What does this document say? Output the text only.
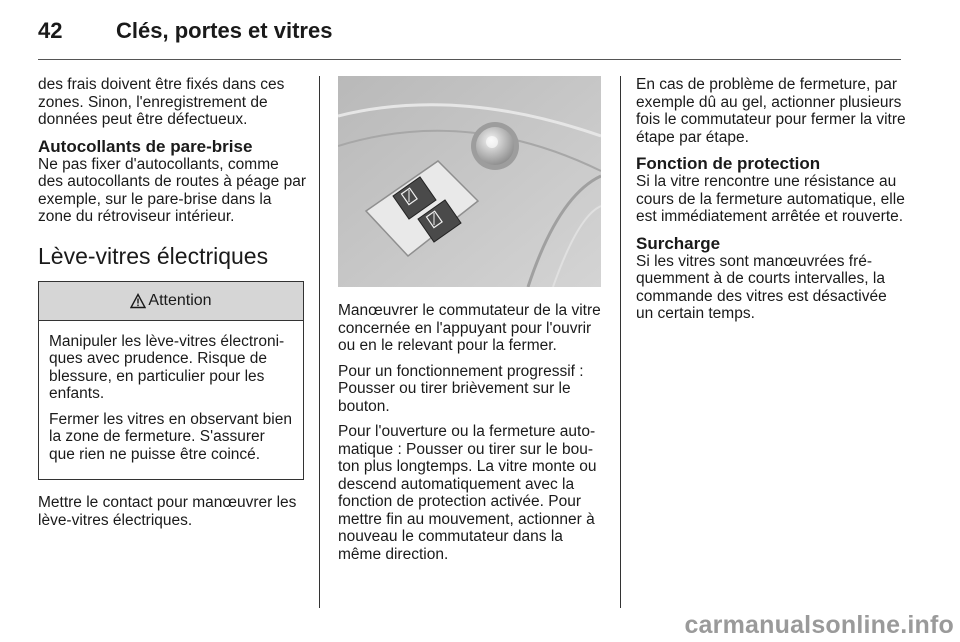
42 Clés, portes et vitres

des frais doivent être fixés dans ces zones. Sinon, l'enregistrement de données peut être défectueux.

Autocollants de pare-brise

Ne pas fixer d'autocollants, comme des autocollants de routes à péage par exemple, sur le pare-brise dans la zone du rétroviseur intérieur.

Lève-vitres électriques
Attention

Manipuler les lève-vitres électroniques avec prudence. Risque de blessure, en particulier pour les enfants.

Fermer les vitres en observant bien la zone de fermeture. S'assurer que rien ne puisse être coincé.

Mettre le contact pour manœuvrer les lève-vitres électriques.

Manœuvrer le commutateur de la vitre concernée en l'appuyant pour l'ouvrir ou en le relevant pour la fermer.

Pour un fonctionnement progressif : Pousser ou tirer brièvement sur le bouton.

Pour l'ouverture ou la fermeture automatique : Pousser ou tirer sur le bouton plus longtemps. La vitre monte ou descend automatiquement avec la fonction de protection activée. Pour mettre fin au mouvement, actionner à nouveau le commutateur dans la même direction.

En cas de problème de fermeture, par exemple dû au gel, actionner plusieurs fois le commutateur pour fermer la vitre étape par étape.

Fonction de protection

Si la vitre rencontre une résistance au cours de la fermeture automatique, elle est immédiatement arrêtée et rouverte.

Surcharge

Si les vitres sont manœuvrées fréquemment à de courts intervalles, la commande des vitres est désactivée un certain temps.

carmanualsonline.info
